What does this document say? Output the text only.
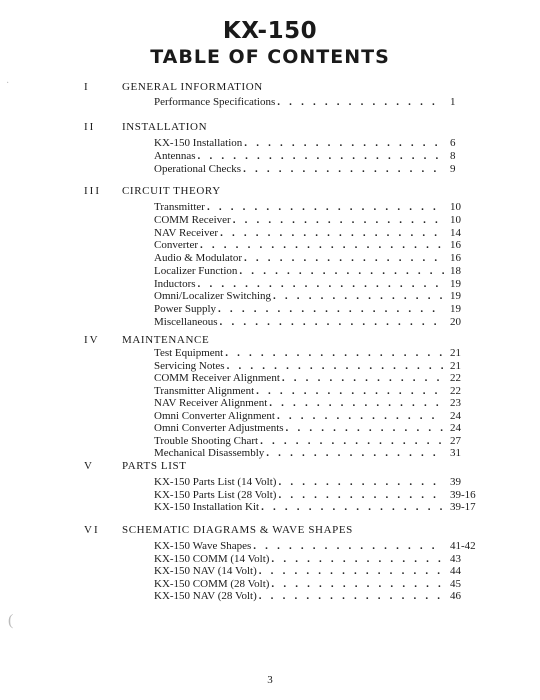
KX-150
TABLE OF CONTENTS
I	GENERAL INFORMATION
Performance Specifications . . .	1
II INSTALLATION
KX-150 Installation . . .	6
Antennas . . .	8
Operational Checks . . .	9
III CIRCUIT THEORY
Transmitter . . .	10
COMM Receiver . . .	10
NAV Receiver . . .	14
Converter . . .	16
Audio & Modulator . . .	16
Localizer Function . . .	18
Inductors . . .	19
Omni/Localizer Switching . . .	19
Power Supply . . .	19
Miscellaneous . . .	20
IV MAINTENANCE
Test Equipment . . .	21
Servicing Notes . . .	21
COMM Receiver Alignment . . .	22
Transmitter Alignment . . .	22
NAV Receiver Alignment . . .	23
Omni Converter Alignment . . .	24
Omni Converter Adjustments . . .	24
Trouble Shooting Chart . . .	27
Mechanical Disassembly . . .	31
V	PARTS LIST
KX-150 Parts List (14 Volt) . . .	39
KX-150 Parts List (28 Volt) . . .	39-16
KX-150 Installation Kit . . .	39-17
VI SCHEMATIC DIAGRAMS & WAVE SHAPES
KX-150 Wave Shapes . . .	41-42
KX-150 COMM (14 Volt) . . .	43
KX-150 NAV (14 Volt) . . .	44
KX-150 COMM (28 Volt) . . .	45
KX-150 NAV (28 Volt) . . .	46
3
·
(
